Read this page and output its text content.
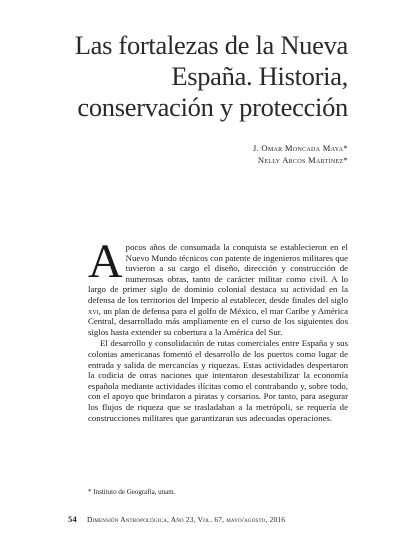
Las fortalezas de la Nueva
España. Historia,
conservación y protección
J. Omar Moncada Maya*
Nelly Arcos Martínez*

Apocos años de consumada la conquista se establecieron en el Nuevo Mundo técnicos con patente de ingenieros militares que tuvieron a su cargo el diseño, dirección y construcción de numerosas obras, tanto de carácter militar como civil. A lo largo de primer siglo de dominio colonial destaca su actividad en la defensa de los territorios del Imperio al establecer, desde finales del siglo xvi, un plan de defensa para el golfo de México, el mar Caribe y América Central, desarrollado más ampliamente en el curso de los siguientes dos siglos hasta extender su cobertura a la América del Sur.

El desarrollo y consolidación de rutas comerciales entre España y sus colonias americanas fomentó el desarrollo de los puertos como lugar de entrada y salida de mercancías y riquezas. Estas actividades despertaron la codicia de otras naciones que intentaron desestabilizar la economía española mediante actividades ilícitas como el contrabando y, sobre todo, con el apoyo que brindaron a piratas y corsarios. Por tanto, para asegurar los flujos de riqueza que se trasladaban a la metrópoli, se requería de construcciones militares que garantizaran sus adecuadas operaciones.

* Instituto de Geografía, unam.
54 Dimensión Antropológica, Año 23, Vol. 67, mayo/agosto, 2016
